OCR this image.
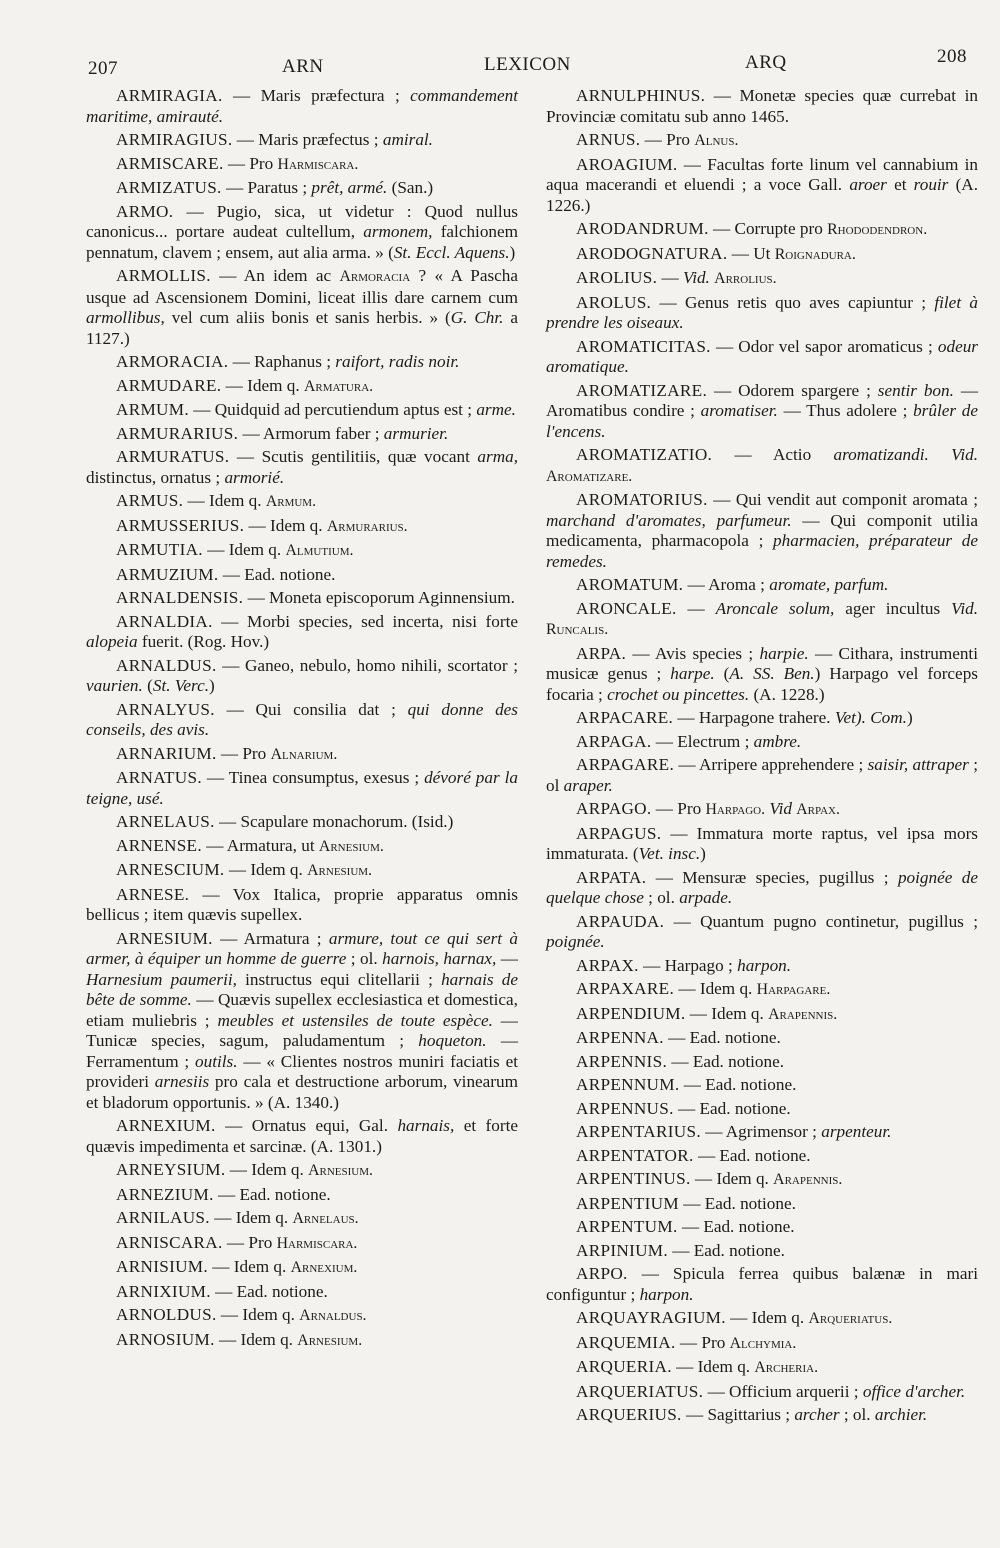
207	ARN	LEXICON	ARQ	208

ARMIRAGIA. — Maris præfectura ; commandement maritime, amirauté.

ARMIRAGIUS. — Maris præfectus ; amiral.

ARMISCARE. — Pro Harmiscara.

ARMIZATUS. — Paratus ; prêt, armé. (San.)

ARMO. — Pugio, sica, ut videtur : Quod nullus canonicus... portare audeat cultellum, armonem, falchionem pennatum, clavem ; ensem, aut alia arma. » (St. Eccl. Aquens.)

ARMOLLIS. — An idem ac Armoracia ? « A Pascha usque ad Ascensionem Domini, liceat illis dare carnem cum armollibus, vel cum aliis bonis et sanis herbis. » (G. Chr. a 1127.)

ARMORACIA. — Raphanus ; raifort, radis noir.

ARMUDARE. — Idem q. Armatura.

ARMUM. — Quidquid ad percutiendum aptus est ; arme.

ARMURARIUS. — Armorum faber ; armurier.

ARMURATUS. — Scutis gentilitiis, quæ vocant arma, distinctus, ornatus ; armorié.

ARMUS. — Idem q. Armum.

ARMUSSERIUS. — Idem q. Armurarius.

ARMUTIA. — Idem q. Almutium.

ARMUZIUM. — Ead. notione.

ARNALDENSIS. — Moneta episcoporum Aginnensium.

ARNALDIA. — Morbi species, sed incerta, nisi forte alopeia fuerit. (Rog. Hov.)

ARNALDUS. — Ganeo, nebulo, homo nihili, scortator ; vaurien. (St. Verc.)

ARNALYUS. — Qui consilia dat ; qui donne des conseils, des avis.

ARNARIUM. — Pro Alnarium.

ARNATUS. — Tinea consumptus, exesus ; dévoré par la teigne, usé.

ARNELAUS. — Scapulare monachorum. (Isid.)

ARNENSE. — Armatura, ut Arnesium.

ARNESCIUM. — Idem q. Arnesium.

ARNESE. — Vox Italica, proprie apparatus omnis bellicus ; item quævis supellex.

ARNESIUM. — Armatura ; armure, tout ce qui sert à armer, à équiper un homme de guerre ; ol. harnois, harnax, — Harnesium paumerii, instructus equi clitellarii ; harnais de bête de somme. — Quævis supellex ecclesiastica et domestica, etiam muliebris ; meubles et ustensiles de toute espèce. — Tunicæ species, sagum, paludamentum ; hoqueton. — Ferramentum ; outils. — « Clientes nostros muniri faciatis et provideri arnesiis pro cala et destructione arborum, vinearum et bladorum opportunis. » (A. 1340.)

ARNEXIUM. — Ornatus equi, Gal. harnais, et forte quævis impedimenta et sarcinæ. (A. 1301.)

ARNEYSIUM. — Idem q. Arnesium.

ARNEZIUM. — Ead. notione.

ARNILAUS. — Idem q. Arnelaus.

ARNISCARA. — Pro Harmiscara.

ARNISIUM. — Idem q. Arnexium.

ARNIXIUM. — Ead. notione.

ARNOLDUS. — Idem q. Arnaldus.

ARNOSIUM. — Idem q. Arnesium.

ARNULPHINUS. — Monetæ species quæ currebat in Provinciæ comitatu sub anno 1465.

ARNUS. — Pro Alnus.

AROAGIUM. — Facultas forte linum vel cannabium in aqua macerandi et eluendi ; a voce Gall. aroer et rouir (A. 1226.)

ARODANDRUM. — Corrupte pro Rhododendron.

ARODOGNATURA. — Ut Roignadura.

AROLIUS. — Vid. Arrolius.

AROLUS. — Genus retis quo aves capiuntur ; filet à prendre les oiseaux.

AROMATICITAS. — Odor vel sapor aromaticus ; odeur aromatique.

AROMATIZARE. — Odorem spargere ; sentir bon. — Aromatibus condire ; aromatiser. — Thus adolere ; brûler de l'encens.

AROMATIZATIO. — Actio aromatizandi. Vid. Aromatizare.

AROMATORIUS. — Qui vendit aut componit aromata ; marchand d'aromates, parfumeur. — Qui componit utilia medicamenta, pharmacopola ; pharmacien, préparateur de remedes.

AROMATUM. — Aroma ; aromate, parfum.

ARONCALE. — Aroncale solum, ager incultus Vid. Runcalis.

ARPA. — Avis species ; harpie. — Cithara, instrumenti musicæ genus ; harpe. (A. SS. Ben.) Harpago vel forceps focaria ; crochet ou pincettes. (A. 1228.)

ARPACARE. — Harpagone trahere. Vet). Com.)

ARPAGA. — Electrum ; ambre.

ARPAGARE. — Arripere apprehendere ; saisir, attraper ; ol araper.

ARPAGO. — Pro Harpago. Vid Arpax.

ARPAGUS. — Immatura morte raptus, vel ipsa mors immaturata. (Vet. insc.)

ARPATA. — Mensuræ species, pugillus ; poignée de quelque chose ; ol. arpade.

ARPAUDA. — Quantum pugno continetur, pugillus ; poignée.

ARPAX. — Harpago ; harpon.

ARPAXARE. — Idem q. Harpagare.

ARPENDIUM. — Idem q. Arapennis.

ARPENNA. — Ead. notione.

ARPENNIS. — Ead. notione.

ARPENNUM. — Ead. notione.

ARPENNUS. — Ead. notione.

ARPENTARIUS. — Agrimensor ; arpenteur.

ARPENTATOR. — Ead. notione.

ARPENTINUS. — Idem q. Arapennis.

ARPENTIUM — Ead. notione.

ARPENTUM. — Ead. notione.

ARPINIUM. — Ead. notione.

ARPO. — Spicula ferrea quibus balænæ in mari configuntur ; harpon.

ARQUAYRAGIUM. — Idem q. Arqueriatus.

ARQUEMIA. — Pro Alchymia.

ARQUERIA. — Idem q. Archeria.

ARQUERIATUS. — Officium arquerii ; office d'archer.

ARQUERIUS. — Sagittarius ; archer ; ol. archier.
